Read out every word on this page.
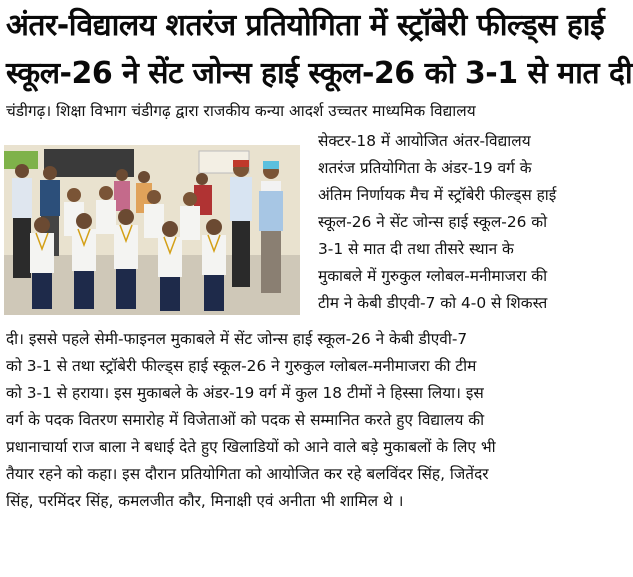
अंतर-विद्यालय शतरंज प्रतियोगिता में स्ट्रॉबेरी फील्ड्स हाई
स्कूल-26 ने सेंट जोन्स हाई स्कूल-26 को 3-1 से मात दी
चंडीगढ़। शिक्षा विभाग चंडीगढ़ द्वारा राजकीय कन्या आदर्श उच्चतर माध्यमिक विद्यालय
सेक्टर-18 में आयोजित अंतर-विद्यालय
शतरंज प्रतियोगिता के अंडर-19 वर्ग के
अंतिम निर्णायक मैच में स्ट्रॉबेरी फील्ड्स हाई
स्कूल-26 ने सेंट जोन्स हाई स्कूल-26 को
3-1 से मात दी तथा तीसरे स्थान के
मुकाबले में गुरुकुल ग्लोबल-मनीमाजरा की
टीम ने केबी डीएवी-7 को 4-0 से शिकस्त
दी। इससे पहले सेमी-फाइनल मुकाबले में सेंट जोन्स हाई स्कूल-26 ने केबी डीएवी-7
को 3-1 से तथा स्ट्रॉबेरी फील्ड्स हाई स्कूल-26 ने गुरुकुल ग्लोबल-मनीमाजरा की टीम
को 3-1 से हराया। इस मुकाबले के अंडर-19 वर्ग में कुल 18 टीमों ने हिस्सा लिया। इस
वर्ग के पदक वितरण समारोह में विजेताओं को पदक से सम्मानित करते हुए विद्यालय की
प्रधानाचार्या राज बाला ने बधाई देते हुए खिलाडियों को आने वाले बड़े मुकाबलों के लिए भी
तैयार रहने को कहा। इस दौरान प्रतियोगिता को आयोजित कर रहे बलविंदर सिंह, जितेंदर
सिंह, परमिंदर सिंह, कमलजीत कौर, मिनाक्षी एवं अनीता भी शामिल थे ।
